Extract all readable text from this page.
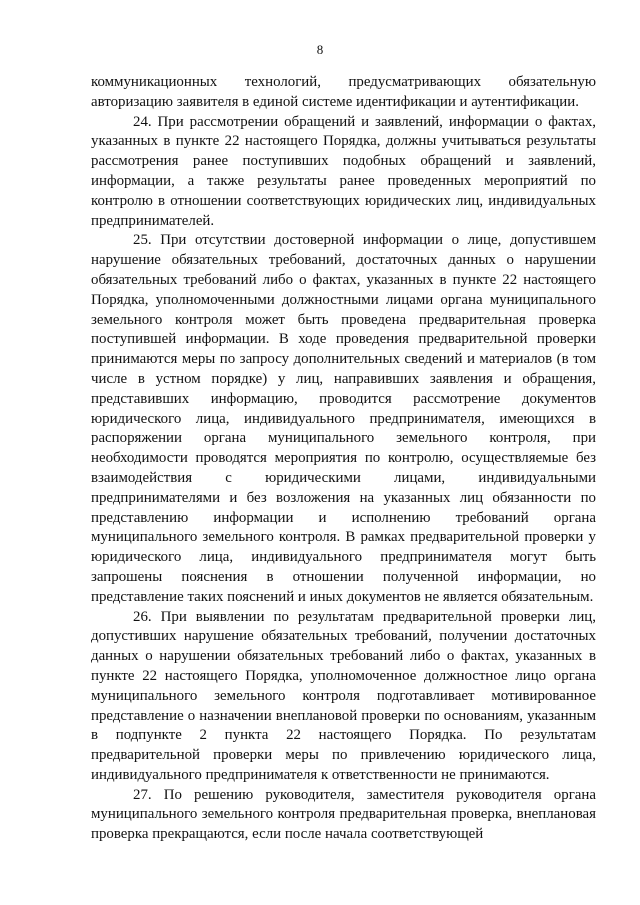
8

коммуникационных технологий, предусматривающих обязательную авторизацию заявителя в единой системе идентификации и аутентификации.

24. При рассмотрении обращений и заявлений, информации о фактах, указанных в пункте 22 настоящего Порядка, должны учитываться результаты рассмотрения ранее поступивших подобных обращений и заявлений, информации, а также результаты ранее проведенных мероприятий по контролю в отношении соответствующих юридических лиц, индивидуальных предпринимателей.

25. При отсутствии достоверной информации о лице, допустившем нарушение обязательных требований, достаточных данных о нарушении обязательных требований либо о фактах, указанных в пункте 22 настоящего Порядка, уполномоченными должностными лицами органа муниципального земельного контроля может быть проведена предварительная проверка поступившей информации. В ходе проведения предварительной проверки принимаются меры по запросу дополнительных сведений и материалов (в том числе в устном порядке) у лиц, направивших заявления и обращения, представивших информацию, проводится рассмотрение документов юридического лица, индивидуального предпринимателя, имеющихся в распоряжении органа муниципального земельного контроля, при необходимости проводятся мероприятия по контролю, осуществляемые без взаимодействия с юридическими лицами, индивидуальными предпринимателями и без возложения на указанных лиц обязанности по представлению информации и исполнению требований органа муниципального земельного контроля. В рамках предварительной проверки у юридического лица, индивидуального предпринимателя могут быть запрошены пояснения в отношении полученной информации, но представление таких пояснений и иных документов не является обязательным.

26. При выявлении по результатам предварительной проверки лиц, допустивших нарушение обязательных требований, получении достаточных данных о нарушении обязательных требований либо о фактах, указанных в пункте 22 настоящего Порядка, уполномоченное должностное лицо органа муниципального земельного контроля подготавливает мотивированное представление о назначении внеплановой проверки по основаниям, указанным в подпункте 2 пункта 22 настоящего Порядка. По результатам предварительной проверки меры по привлечению юридического лица, индивидуального предпринимателя к ответственности не принимаются.

27. По решению руководителя, заместителя руководителя органа муниципального земельного контроля предварительная проверка, внеплановая проверка прекращаются, если после начала соответствующей
